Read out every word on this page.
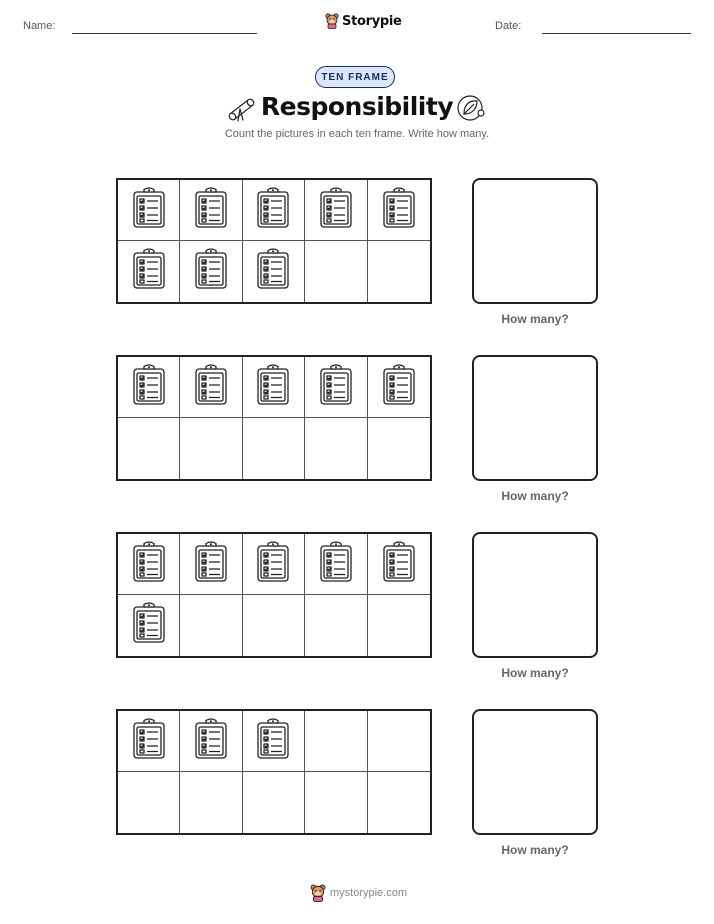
Name:	Storypie	Date:
TEN FRAME
Responsibility
Count the pictures in each ten frame. Write how many.
How many?
How many?
How many?
How many?
mystorypie.com
